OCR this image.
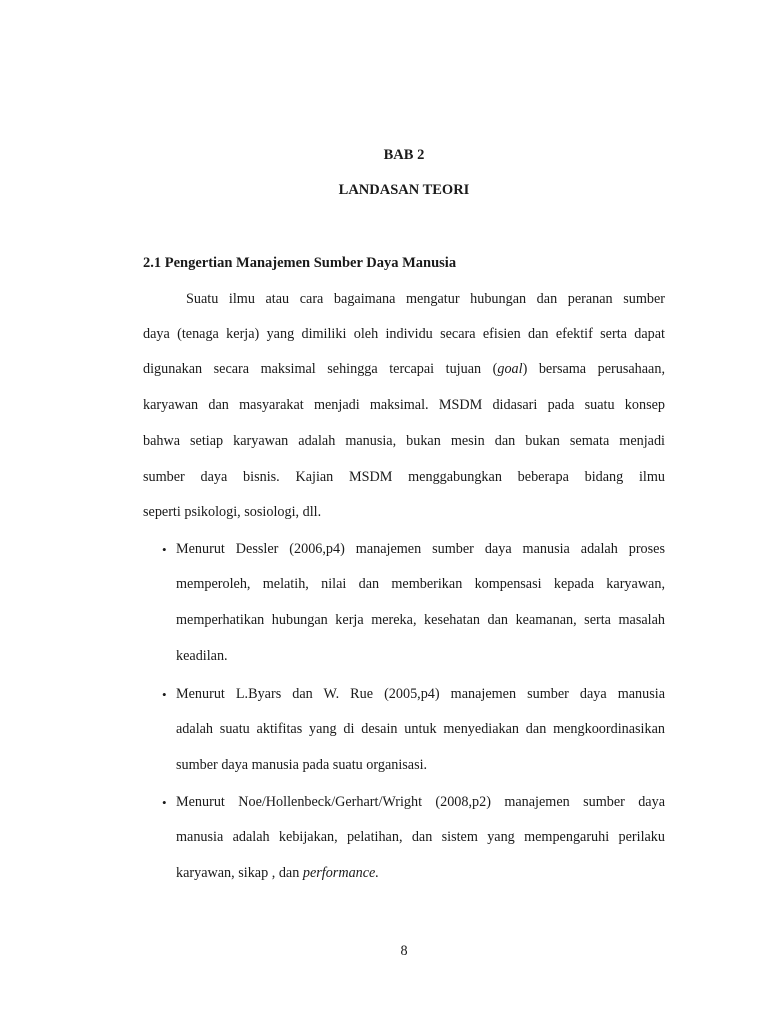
BAB 2
LANDASAN TEORI
2.1 Pengertian Manajemen Sumber Daya Manusia
Suatu ilmu atau cara bagaimana mengatur hubungan dan peranan sumber
daya (tenaga kerja) yang dimiliki oleh individu secara efisien dan efektif serta dapat
digunakan secara maksimal sehingga tercapai tujuan (goal) bersama perusahaan,
karyawan dan masyarakat menjadi maksimal. MSDM didasari pada suatu konsep
bahwa setiap karyawan adalah manusia, bukan mesin dan bukan semata menjadi
sumber daya bisnis. Kajian MSDM menggabungkan beberapa bidang ilmu
seperti psikologi, sosiologi, dll.
• Menurut Dessler (2006,p4) manajemen sumber daya manusia adalah proses
memperoleh, melatih, nilai dan memberikan kompensasi kepada karyawan,
memperhatikan hubungan kerja mereka, kesehatan dan keamanan, serta masalah
keadilan.
• Menurut L.Byars dan W. Rue (2005,p4) manajemen sumber daya manusia
adalah suatu aktifitas yang di desain untuk menyediakan dan mengkoordinasikan
sumber daya manusia pada suatu organisasi.
• Menurut Noe/Hollenbeck/Gerhart/Wright (2008,p2) manajemen sumber daya
manusia adalah kebijakan, pelatihan, dan sistem yang mempengaruhi perilaku
karyawan, sikap , dan performance.
8
